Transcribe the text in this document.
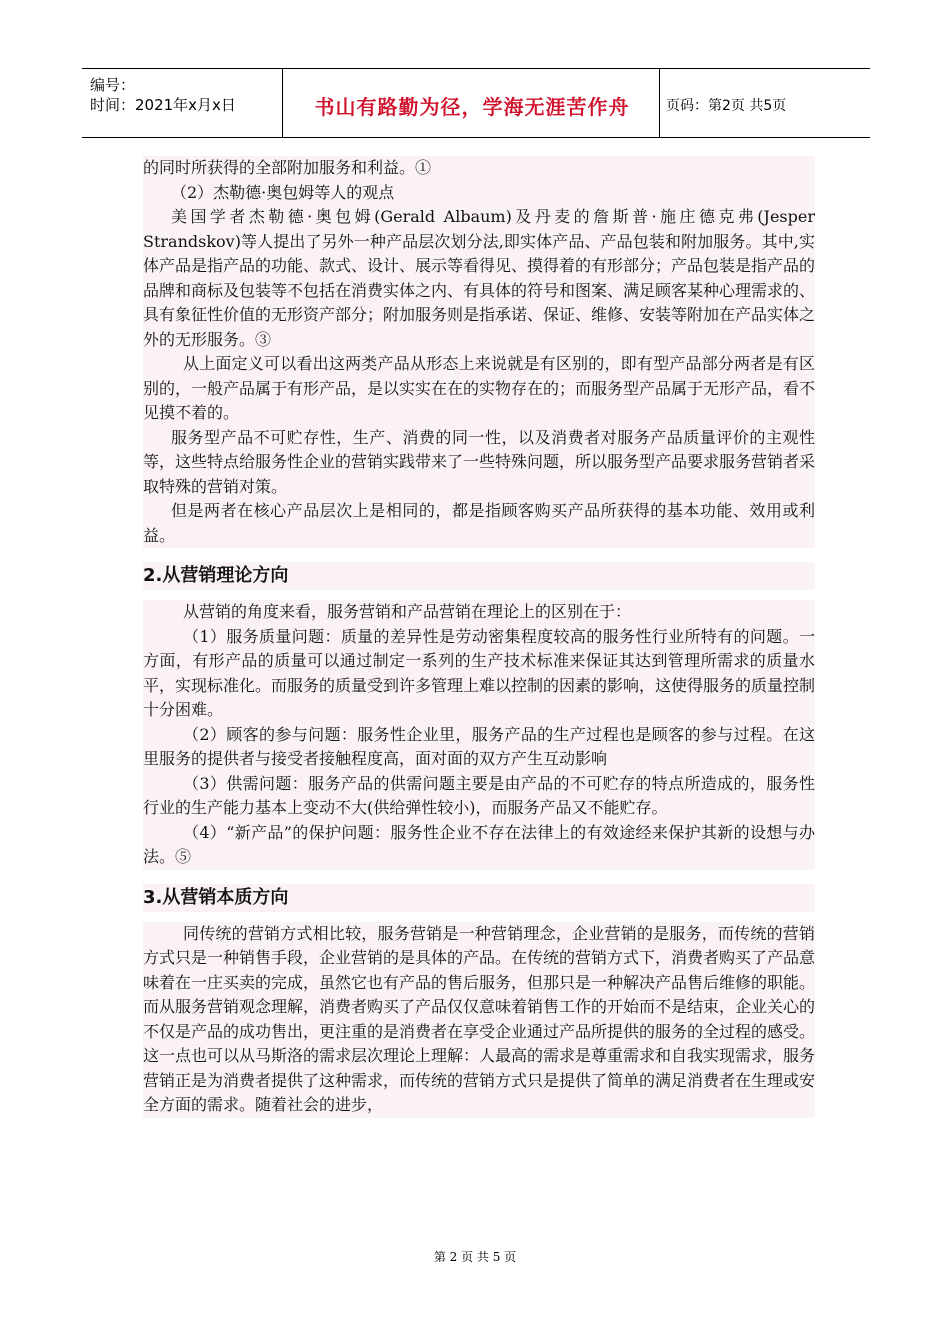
编号：
时间：2021年x月x日	书山有路勤为径，学海无涯苦作舟	页码：第2页 共5页

的同时所获得的全部附加服务和利益。①

（2）杰勒德·奥包姆等人的观点

美国学者杰勒德·奥包姆(Gerald Albaum)及丹麦的詹斯普·施庄德克弗(Jesper Strandskov)等人提出了另外一种产品层次划分法,即实体产品、产品包装和附加服务。其中,实体产品是指产品的功能、款式、设计、展示等看得见、摸得着的有形部分；产品包装是指产品的品牌和商标及包装等不包括在消费实体之内、有具体的符号和图案、满足顾客某种心理需求的、具有象征性价值的无形资产部分；附加服务则是指承诺、保证、维修、安装等附加在产品实体之外的无形服务。③

从上面定义可以看出这两类产品从形态上来说就是有区别的，即有型产品部分两者是有区别的，一般产品属于有形产品，是以实实在在的实物存在的；而服务型产品属于无形产品，看不见摸不着的。

服务型产品不可贮存性，生产、消费的同一性，以及消费者对服务产品质量评价的主观性等，这些特点给服务性企业的营销实践带来了一些特殊问题，所以服务型产品要求服务营销者采取特殊的营销对策。

但是两者在核心产品层次上是相同的，都是指顾客购买产品所获得的基本功能、效用或利益。

2.从营销理论方向

从营销的角度来看，服务营销和产品营销在理论上的区别在于：

（1）服务质量问题：质量的差异性是劳动密集程度较高的服务性行业所特有的问题。一方面，有形产品的质量可以通过制定一系列的生产技术标准来保证其达到管理所需求的质量水平，实现标准化。而服务的质量受到许多管理上难以控制的因素的影响，这使得服务的质量控制十分困难。

（2）顾客的参与问题：服务性企业里，服务产品的生产过程也是顾客的参与过程。在这里服务的提供者与接受者接触程度高，面对面的双方产生互动影响

（3）供需问题：服务产品的供需问题主要是由产品的不可贮存的特点所造成的，服务性行业的生产能力基本上变动不大(供给弹性较小)，而服务产品又不能贮存。

（4）“新产品”的保护问题：服务性企业不存在法律上的有效途经来保护其新的设想与办法。⑤

3.从营销本质方向

同传统的营销方式相比较，服务营销是一种营销理念，企业营销的是服务，而传统的营销方式只是一种销售手段，企业营销的是具体的产品。在传统的营销方式下，消费者购买了产品意味着在一庄买卖的完成，虽然它也有产品的售后服务，但那只是一种解决产品售后维修的职能。而从服务营销观念理解，消费者购买了产品仅仅意味着销售工作的开始而不是结束，企业关心的不仅是产品的成功售出，更注重的是消费者在享受企业通过产品所提供的服务的全过程的感受。这一点也可以从马斯洛的需求层次理论上理解：人最高的需求是尊重需求和自我实现需求，服务营销正是为消费者提供了这种需求，而传统的营销方式只是提供了简单的满足消费者在生理或安全方面的需求。随着社会的进步，

第 2 页 共 5 页
